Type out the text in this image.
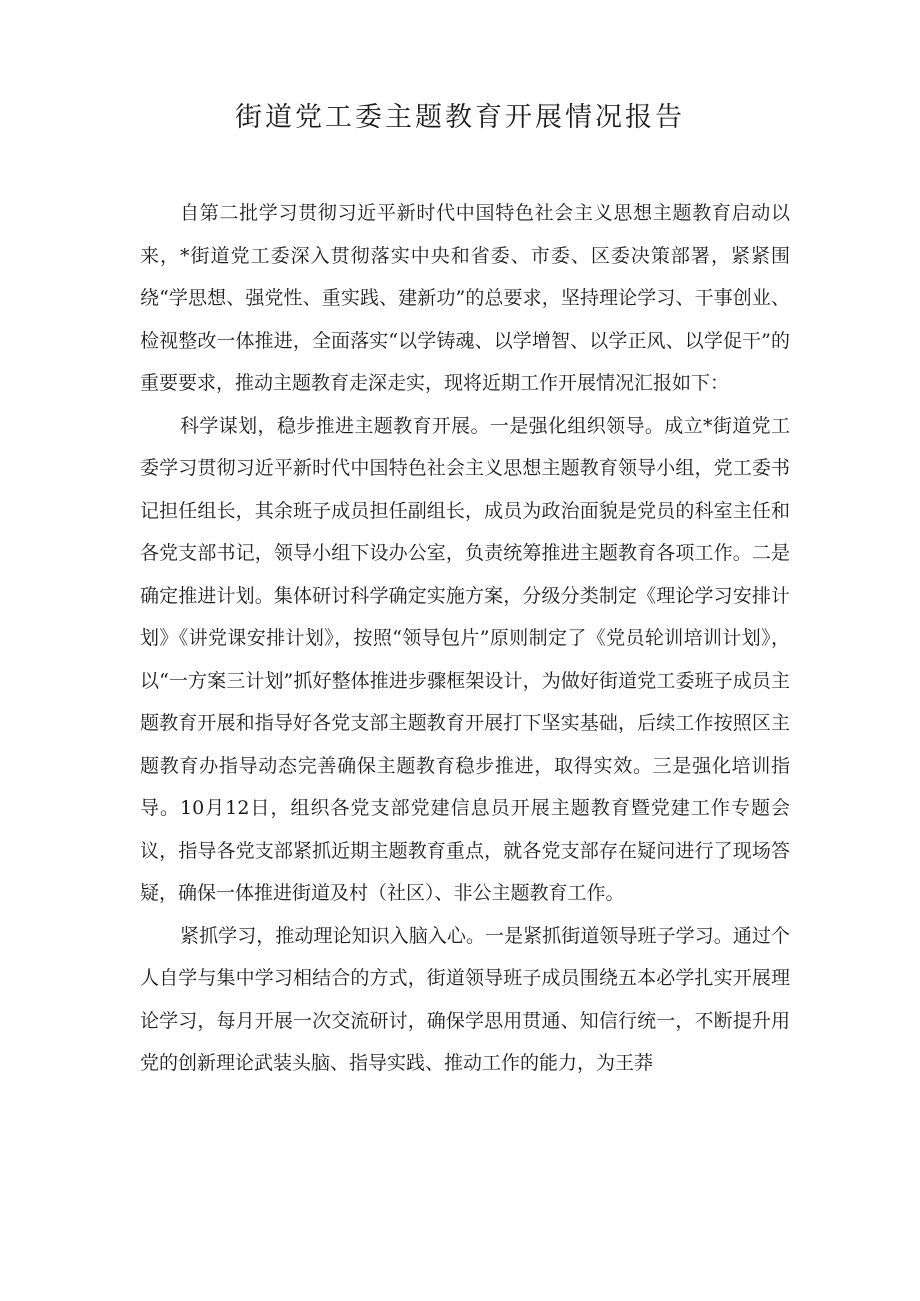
街道党工委主题教育开展情况报告

自第二批学习贯彻习近平新时代中国特色社会主义思想主题教育启动以来，*街道党工委深入贯彻落实中央和省委、市委、区委决策部署，紧紧围绕“学思想、强党性、重实践、建新功”的总要求，坚持理论学习、干事创业、检视整改一体推进，全面落实“以学铸魂、以学增智、以学正风、以学促干”的重要要求，推动主题教育走深走实，现将近期工作开展情况汇报如下：

科学谋划，稳步推进主题教育开展。一是强化组织领导。成立*街道党工委学习贯彻习近平新时代中国特色社会主义思想主题教育领导小组，党工委书记担任组长，其余班子成员担任副组长，成员为政治面貌是党员的科室主任和各党支部书记，领导小组下设办公室，负责统筹推进主题教育各项工作。二是确定推进计划。集体研讨科学确定实施方案，分级分类制定《理论学习安排计划》《讲党课安排计划》，按照“领导包片”原则制定了《党员轮训培训计划》，以“一方案三计划”抓好整体推进步骤框架设计，为做好街道党工委班子成员主题教育开展和指导好各党支部主题教育开展打下坚实基础，后续工作按照区主题教育办指导动态完善确保主题教育稳步推进，取得实效。三是强化培训指导。10月12日，组织各党支部党建信息员开展主题教育暨党建工作专题会议，指导各党支部紧抓近期主题教育重点，就各党支部存在疑问进行了现场答疑，确保一体推进街道及村（社区）、非公主题教育工作。

紧抓学习，推动理论知识入脑入心。一是紧抓街道领导班子学习。通过个人自学与集中学习相结合的方式，街道领导班子成员围绕五本必学扎实开展理论学习，每月开展一次交流研讨，确保学思用贯通、知信行统一，不断提升用党的创新理论武装头脑、指导实践、推动工作的能力，为王莽
